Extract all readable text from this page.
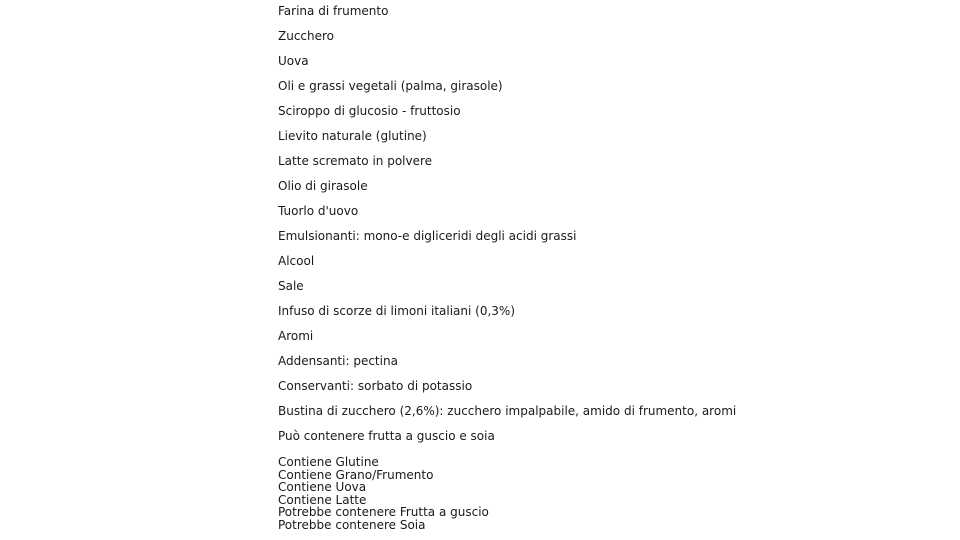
Farina di frumento
Zucchero
Uova
Oli e grassi vegetali (palma, girasole)
Sciroppo di glucosio - fruttosio
Lievito naturale (glutine)
Latte scremato in polvere
Olio di girasole
Tuorlo d'uovo
Emulsionanti: mono-e digliceridi degli acidi grassi
Alcool
Sale
Infuso di scorze di limoni italiani (0,3%)
Aromi
Addensanti: pectina
Conservanti: sorbato di potassio
Bustina di zucchero (2,6%): zucchero impalpabile, amido di frumento, aromi
Può contenere frutta a guscio e soia
Contiene Glutine
Contiene Grano/Frumento
Contiene Uova
Contiene Latte
Potrebbe contenere Frutta a guscio
Potrebbe contenere Soia
